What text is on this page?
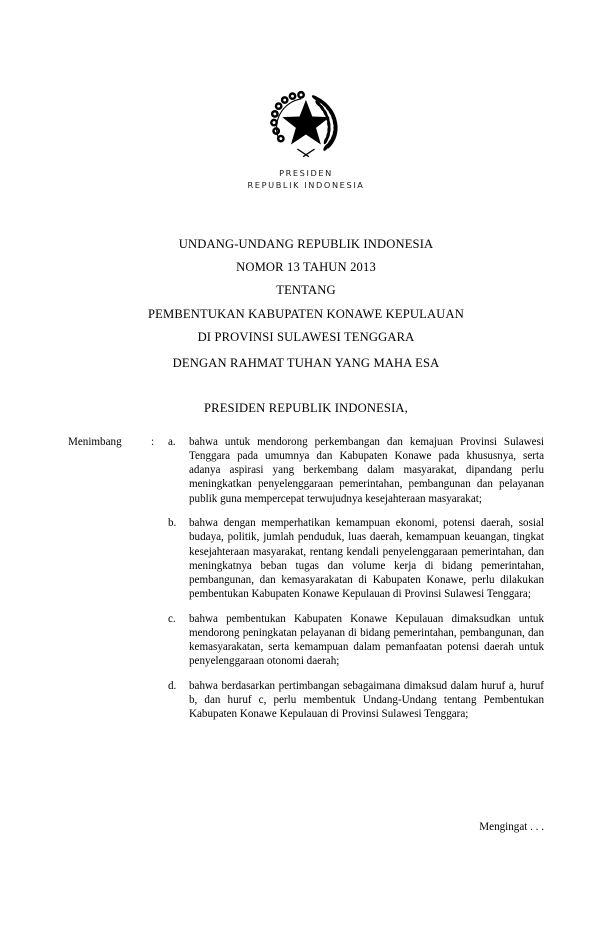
PRESIDEN
REPUBLIK INDONESIA
UNDANG-UNDANG REPUBLIK INDONESIA
NOMOR 13 TAHUN 2013
TENTANG
PEMBENTUKAN KABUPATEN KONAWE KEPULAUAN
DI PROVINSI SULAWESI TENGGARA
DENGAN RAHMAT TUHAN YANG MAHA ESA
PRESIDEN REPUBLIK INDONESIA,
Menimbang	:	a.	bahwa untuk mendorong perkembangan dan kemajuan Provinsi Sulawesi Tenggara pada umumnya dan Kabupaten Konawe pada khususnya, serta adanya aspirasi yang berkembang dalam masyarakat, dipandang perlu meningkatkan penyelenggaraan pemerintahan, pembangunan dan pelayanan publik guna mempercepat terwujudnya kesejahteraan masyarakat;
b.	bahwa dengan memperhatikan kemampuan ekonomi, potensi daerah, sosial budaya, politik, jumlah penduduk, luas daerah, kemampuan keuangan, tingkat kesejahteraan masyarakat, rentang kendali penyelenggaraan pemerintahan, dan meningkatnya beban tugas dan volume kerja di bidang pemerintahan, pembangunan, dan kemasyarakatan di Kabupaten Konawe, perlu dilakukan pembentukan Kabupaten Konawe Kepulauan di Provinsi Sulawesi Tenggara;
c.	bahwa pembentukan Kabupaten Konawe Kepulauan dimaksudkan untuk mendorong peningkatan pelayanan di bidang pemerintahan, pembangunan, dan kemasyarakatan, serta kemampuan dalam pemanfaatan potensi daerah untuk penyelenggaraan otonomi daerah;
d.	bahwa berdasarkan pertimbangan sebagaimana dimaksud dalam huruf a, huruf b, dan huruf c, perlu membentuk Undang-Undang tentang Pembentukan Kabupaten Konawe Kepulauan di Provinsi Sulawesi Tenggara;
Mengingat . . .
